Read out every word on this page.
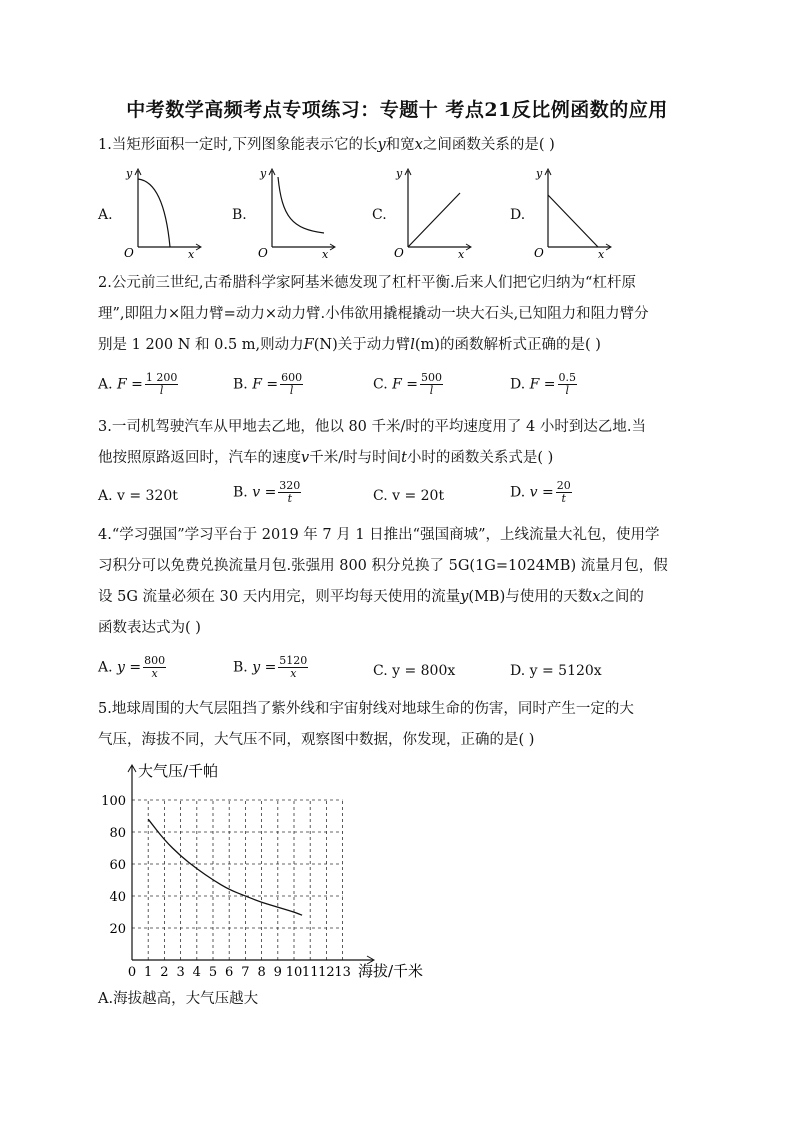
中考数学高频考点专项练习：专题十 考点21反比例函数的应用
1.当矩形面积一定时,下列图象能表示它的长y和宽x之间函数关系的是( )
A.	B.	C.	D.
y
x
O
y
x
O
y
x
O
y
x
O
2.公元前三世纪,古希腊科学家阿基米德发现了杠杆平衡.后来人们把它归纳为“杠杆原
理”,即阻力×阻力臂=动力×动力臂.小伟欲用撬棍撬动一块大石头,已知阻力和阻力臂分
别是 1 200 N 和 0.5 m,则动力F(N)关于动力臂l(m)的函数解析式正确的是( )
A. $F = \frac{1 200}{l}$	B. $F = \frac{600}{l}$	C. $F = \frac{500}{l}$	D. $F = \frac{0.5}{l}$
3.一司机驾驶汽车从甲地去乙地，他以 80 千米/时的平均速度用了 4 小时到达乙地.当
他按照原路返回时，汽车的速度v千米/时与时间t小时的函数关系式是( )
A. v = 320t	B. $v = \frac{320}{t}$	C. v = 20t	D. $v = \frac{20}{t}$
4.“学习强国”学习平台于 2019 年 7 月 1 日推出“强国商城”，上线流量大礼包，使用学
习积分可以免费兑换流量月包.张强用 800 积分兑换了 5G(1G=1024MB) 流量月包，假
设 5G 流量必须在 30 天内用完，则平均每天使用的流量y(MB)与使用的天数x之间的
函数表达式为( )
A. $y = \frac{800}{x}$	B. $y = \frac{5120}{x}$	C. y = 800x	D. y = 5120x
5.地球周围的大气层阻挡了紫外线和宇宙射线对地球生命的伤害，同时产生一定的大
气压，海拔不同，大气压不同，观察图中数据，你发现，正确的是( )
0 1 2 3 4 5 6 7 8 9 10 11 12 13
20
40
60
80
100
大气压/千帕
海拔/千米
A.海拔越高，大气压越大
